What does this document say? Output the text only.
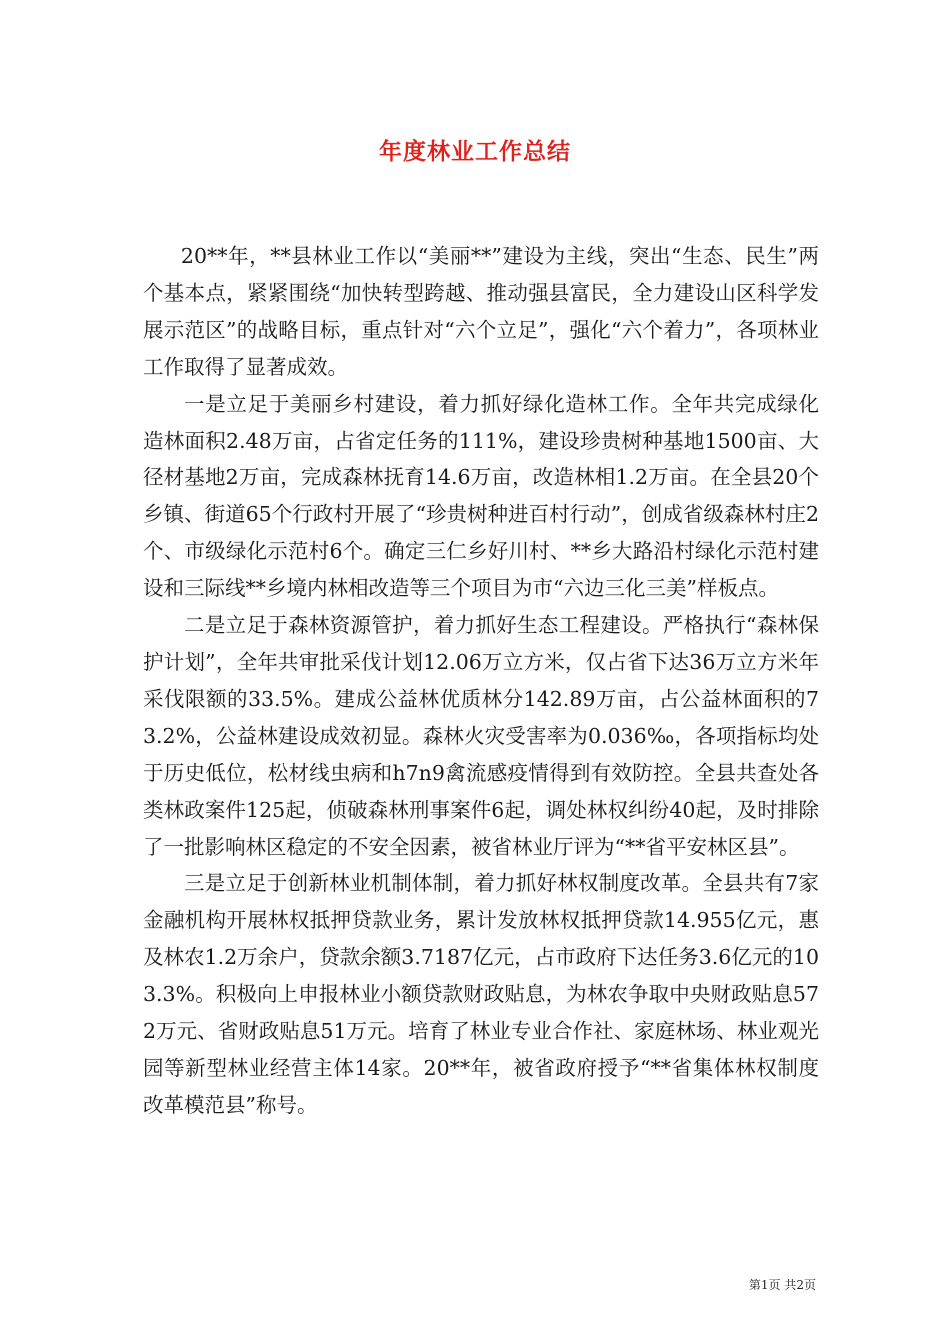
年度林业工作总结

20**年，**县林业工作以“美丽**”建设为主线，突出“生态、民生”两个基本点，紧紧围绕“加快转型跨越、推动强县富民，全力建设山区科学发展示范区”的战略目标，重点针对“六个立足”，强化“六个着力”，各项林业工作取得了显著成效。

一是立足于美丽乡村建设，着力抓好绿化造林工作。全年共完成绿化造林面积2.48万亩，占省定任务的111%，建设珍贵树种基地1500亩、大径材基地2万亩，完成森林抚育14.6万亩，改造林相1.2万亩。在全县20个乡镇、街道65个行政村开展了“珍贵树种进百村行动”，创成省级森林村庄2个、市级绿化示范村6个。确定三仁乡好川村、**乡大路沿村绿化示范村建设和三际线**乡境内林相改造等三个项目为市“六边三化三美”样板点。

二是立足于森林资源管护，着力抓好生态工程建设。严格执行“森林保护计划”，全年共审批采伐计划12.06万立方米，仅占省下达36万立方米年采伐限额的33.5%。建成公益林优质林分142.89万亩，占公益林面积的73.2%，公益林建设成效初显。森林火灾受害率为0.036‰，各项指标均处于历史低位，松材线虫病和h7n9禽流感疫情得到有效防控。全县共查处各类林政案件125起，侦破森林刑事案件6起，调处林权纠纷40起，及时排除了一批影响林区稳定的不安全因素，被省林业厅评为“**省平安林区县”。

三是立足于创新林业机制体制，着力抓好林权制度改革。全县共有7家金融机构开展林权抵押贷款业务，累计发放林权抵押贷款14.955亿元，惠及林农1.2万余户，贷款余额3.7187亿元，占市政府下达任务3.6亿元的103.3%。积极向上申报林业小额贷款财政贴息，为林农争取中央财政贴息572万元、省财政贴息51万元。培育了林业专业合作社、家庭林场、林业观光园等新型林业经营主体14家。20**年，被省政府授予“**省集体林权制度改革模范县”称号。

第1页 共2页
